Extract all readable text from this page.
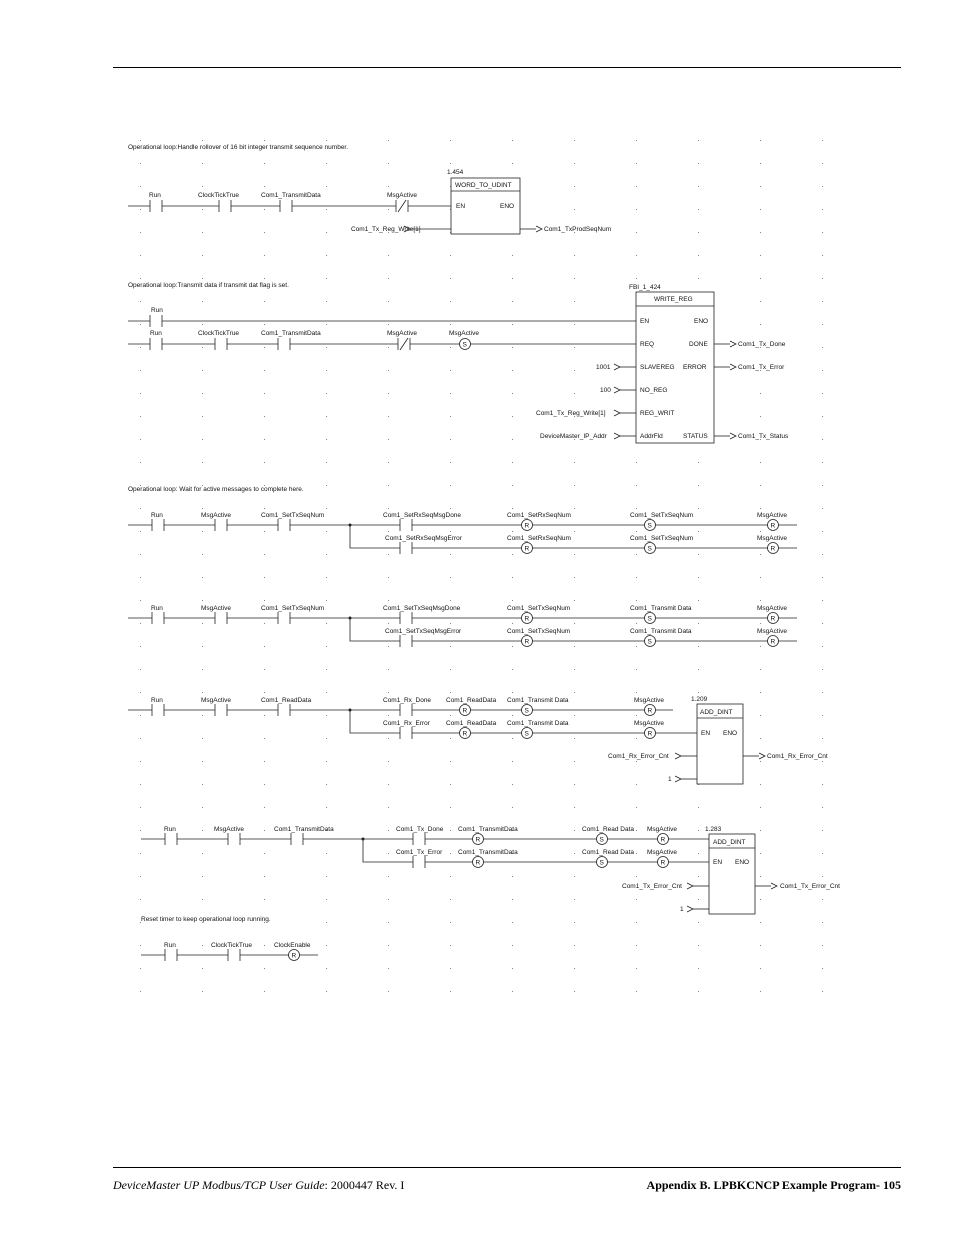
Operational loop:Handle rollover of 16 bit integer transmit sequence number.
Operational loop:Transmit data if transmit dat flag is set.
Operational loop: Wait for active messages to complete here.
Reset timer to keep operational loop running.
Run	ClockTickTrue	Com1_TransmitData	MsgActive
1.454
WORD_TO_UDINT
EN	ENO
Com1_Tx_Reg_Write[1]	Com1_TxProdSeqNum
Run
Run	ClockTickTrue	Com1_TransmitData	MsgActive
S
MsgActive
FBI_1_424
WRITE_REG
EN	ENO
REQ
SLAVEREG
NO_REG
REG_WRIT
AddrFld
DONE
ERROR
STATUS
1001
100
Com1_Tx_Reg_Write[1]
DeviceMaster_IP_Addr
Com1_Tx_Done
Com1_Tx_Error
Com1_Tx_Status
Run	MsgActive	Com1_SetTxSeqNum	Com1_SetRxSeqMsgDone
Com1_SetRxSeqMsgError
R
Com1_SetRxSeqNum
S
Com1_SetTxSeqNum
R
MsgActive
R
Com1_SetRxSeqNum
S
Com1_SetTxSeqNum
R
MsgActive
Run	MsgActive	Com1_SetTxSeqNum	Com1_SetTxSeqMsgDone
Com1_SetTxSeqMsgError
R
Com1_SetTxSeqNum
S
Com1_Transmit Data
R
MsgActive
R
Com1_SetTxSeqNum
S
Com1_Transmit Data
R
MsgActive
Run	MsgActive	Com1_ReadData	Com1_Rx_Done
Com1_Rx_Error
R
Com1_ReadData
S
Com1_Transmit Data
R
MsgActive
R
Com1_ReadData
S
Com1_Transmit Data
R
MsgActive
1.209
ADD_DINT
EN ENO
Com1_Rx_Error_Cnt
1
Com1_Rx_Error_Cnt
Run	MsgActive	Com1_TransmitData	Com1_Tx_Done
Com1_Tx_Error
R
Com1_TransmitData
S
Com1_Read Data
R
MsgActive
R
Com1_TransmitData
S
Com1_Read Data
R
MsgActive
1.283
ADD_DINT
EN ENO
Com1_Tx_Error_Cnt
1
Com1_Tx_Error_Cnt
Run	ClockTickTrue
R
ClockEnable
DeviceMaster UP Modbus/TCP User Guide: 2000447 Rev. I	Appendix B. LPBKCNCP Example Program- 105
